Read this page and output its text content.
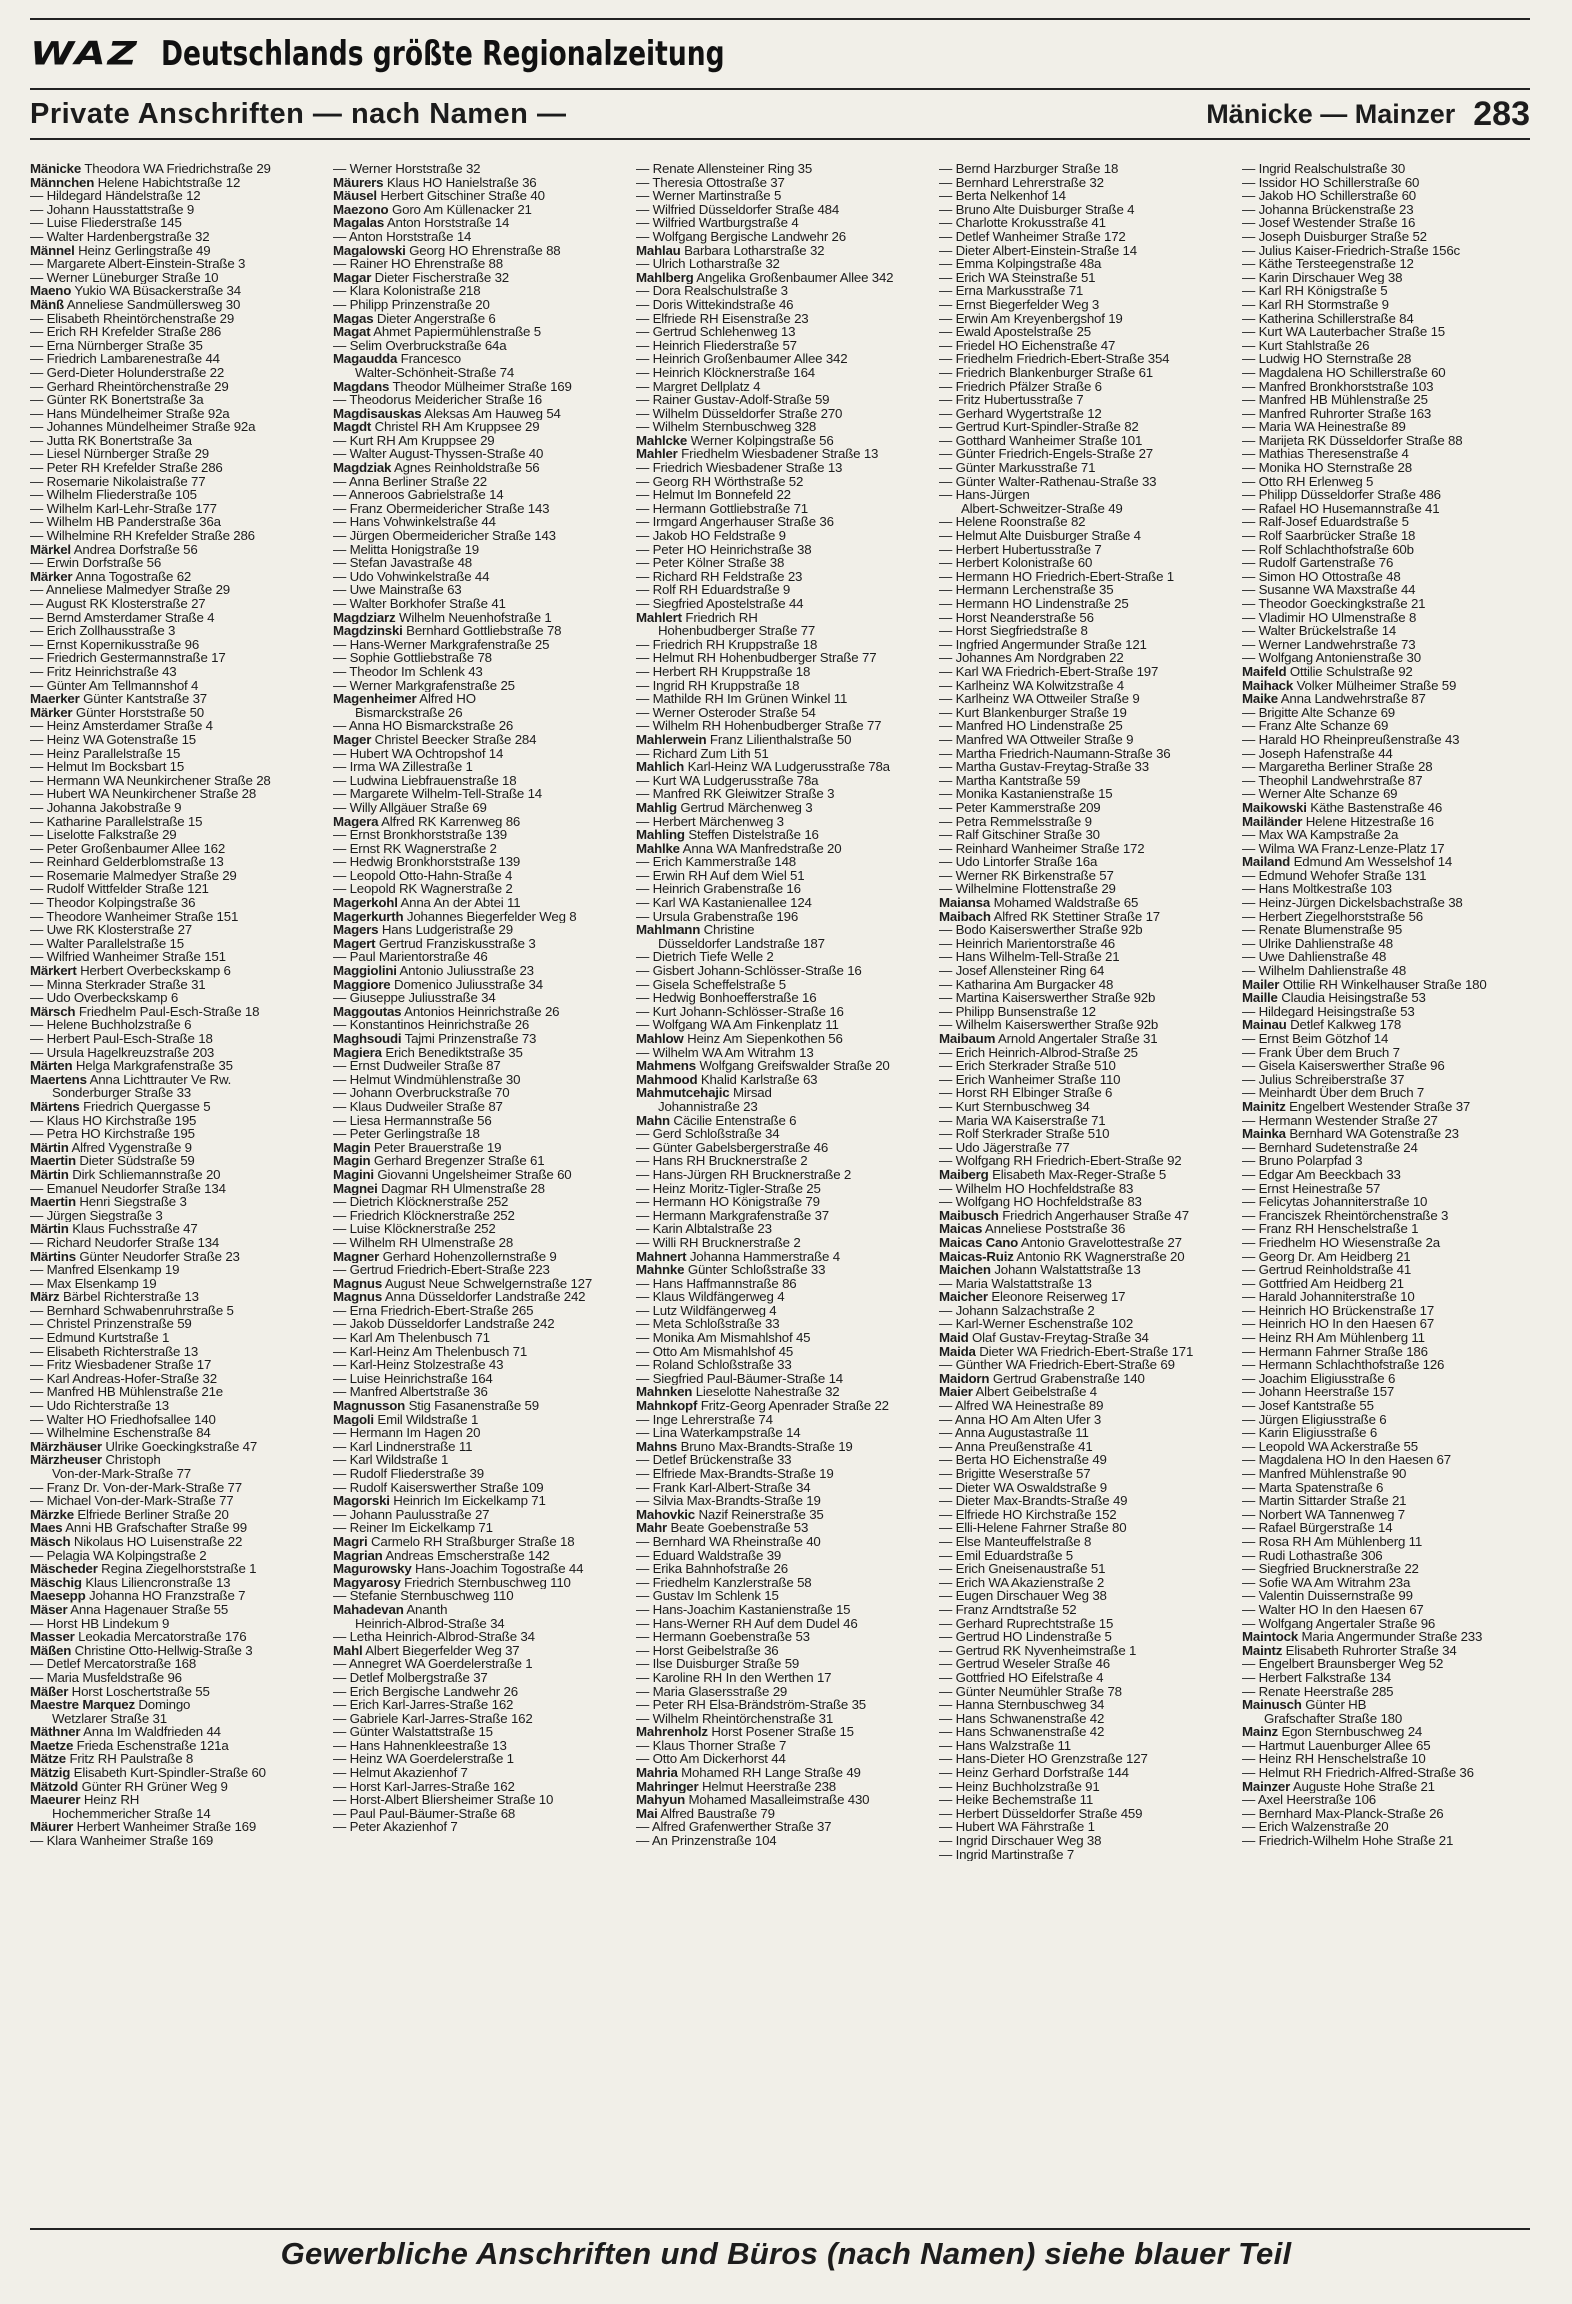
WAZ Deutschlands größte Regionalzeitung
Private Anschriften — nach Namen —	Mänicke — Mainzer 283
Mänicke Theodora WA Friedrichstraße 29
Männchen Helene Habichtstraße 12
— Hildegard Händelstraße 12
— Johann Hausstattstraße 9
— Luise Fliederstraße 145
— Walter Hardenbergstraße 32
Männel Heinz Gerlingstraße 49
— Margarete Albert-Einstein-Straße 3
— Werner Lüneburger Straße 10
Maeno Yukio WA Büsackerstraße 34
Mänß Anneliese Sandmüllersweg 30
— Elisabeth Rheintörchenstraße 29
— Erich RH Krefelder Straße 286
— Erna Nürnberger Straße 35
— Friedrich Lambarenestraße 44
— Gerd-Dieter Holunderstraße 22
— Gerhard Rheintörchenstraße 29
— Günter RK Bonertstraße 3a
— Hans Mündelheimer Straße 92a
— Johannes Mündelheimer Straße 92a
— Jutta RK Bonertstraße 3a
— Liesel Nürnberger Straße 29
— Peter RH Krefelder Straße 286
— Rosemarie Nikolaistraße 77
— Wilhelm Fliederstraße 105
— Wilhelm Karl-Lehr-Straße 177
— Wilhelm HB Panderstraße 36a
— Wilhelmine RH Krefelder Straße 286
Märkel Andrea Dorfstraße 56
— Erwin Dorfstraße 56
Märker Anna Togostraße 62
— Anneliese Malmedyer Straße 29
— August RK Klosterstraße 27
— Bernd Amsterdamer Straße 4
— Erich Zollhausstraße 3
— Ernst Kopernikusstraße 96
— Friedrich Gestermannstraße 17
— Fritz Heinrichstraße 43
— Günter Am Tellmannshof 4
Maerker Günter Kantstraße 37
Märker Günter Horststraße 50
— Heinz Amsterdamer Straße 4
— Heinz WA Gotenstraße 15
— Heinz Parallelstraße 15
— Helmut Im Bocksbart 15
— Hermann WA Neunkirchener Straße 28
— Hubert WA Neunkirchener Straße 28
— Johanna Jakobstraße 9
— Katharine Parallelstraße 15
— Liselotte Falkstraße 29
— Peter Großenbaumer Allee 162
— Reinhard Gelderblomstraße 13
— Rosemarie Malmedyer Straße 29
— Rudolf Wittfelder Straße 121
— Theodor Kolpingstraße 36
— Theodore Wanheimer Straße 151
— Uwe RK Klosterstraße 27
— Walter Parallelstraße 15
— Wilfried Wanheimer Straße 151
Märkert Herbert Overbeckskamp 6
— Minna Sterkrader Straße 31
— Udo Overbeckskamp 6
Märsch Friedhelm Paul-Esch-Straße 18
— Helene Buchholzstraße 6
— Herbert Paul-Esch-Straße 18
— Ursula Hagelkreuzstraße 203
Märten Helga Markgrafenstraße 35
Maertens Anna Lichttrauter Ve Rw.
Sonderburger Straße 33
Märtens Friedrich Quergasse 5
— Klaus HO Kirchstraße 195
— Petra HO Kirchstraße 195
Märtin Alfred Vygenstraße 9
Maertin Dieter Südstraße 59
Märtin Dirk Schliemannstraße 20
— Emanuel Neudorfer Straße 134
Maertin Henri Siegstraße 3
— Jürgen Siegstraße 3
Märtin Klaus Fuchsstraße 47
— Richard Neudorfer Straße 134
Märtins Günter Neudorfer Straße 23
— Manfred Elsenkamp 19
— Max Elsenkamp 19
März Bärbel Richterstraße 13
— Bernhard Schwabenruhrstraße 5
— Christel Prinzenstraße 59
— Edmund Kurtstraße 1
— Elisabeth Richterstraße 13
— Fritz Wiesbadener Straße 17
— Karl Andreas-Hofer-Straße 32
— Manfred HB Mühlenstraße 21e
— Udo Richterstraße 13
— Walter HO Friedhofsallee 140
— Wilhelmine Eschenstraße 84
Märzhäuser Ulrike Goeckingkstraße 47
Märzheuser Christoph
Von-der-Mark-Straße 77
— Franz Dr. Von-der-Mark-Straße 77
— Michael Von-der-Mark-Straße 77
Märzke Elfriede Berliner Straße 20
Maes Anni HB Grafschafter Straße 99
Mäsch Nikolaus HO Luisenstraße 22
— Pelagia WA Kolpingstraße 2
Mäscheder Regina Ziegelhorststraße 1
Mäschig Klaus Liliencronstraße 13
Maesepp Johanna HO Franzstraße 7
Mäser Anna Hagenauer Straße 55
— Horst HB Lindekum 9
Masser Leokadia Mercatorstraße 176
Mäßen Christine Otto-Hellwig-Straße 3
— Detlef Mercatorstraße 168
— Maria Musfeldstraße 96
Mäßer Horst Loschertstraße 55
Maestre Marquez Domingo
Wetzlarer Straße 31
Mäthner Anna Im Waldfrieden 44
Maetze Frieda Eschenstraße 121a
Mätze Fritz RH Paulstraße 8
Mätzig Elisabeth Kurt-Spindler-Straße 60
Mätzold Günter RH Grüner Weg 9
Maeurer Heinz RH
Hochemmericher Straße 14
Mäurer Herbert Wanheimer Straße 169
— Klara Wanheimer Straße 169
— Werner Horststraße 32
Mäurers Klaus HO Hanielstraße 36
Mäusel Herbert Gitschiner Straße 40
Maezono Goro Am Küllenacker 21
Magalas Anton Horststraße 14
— Anton Horststraße 14
Magalowski Georg HO Ehrenstraße 88
— Rainer HO Ehrenstraße 88
Magar Dieter Fischerstraße 32
— Klara Kolonistraße 218
— Philipp Prinzenstraße 20
Magas Dieter Angerstraße 6
Magat Ahmet Papiermühlenstraße 5
— Selim Overbruckstraße 64a
Magaudda Francesco
Walter-Schönheit-Straße 74
Magdans Theodor Mülheimer Straße 169
— Theodorus Meidericher Straße 16
Magdisauskas Aleksas Am Hauweg 54
Magdt Christel RH Am Kruppsee 29
— Kurt RH Am Kruppsee 29
— Walter August-Thyssen-Straße 40
Magdziak Agnes Reinholdstraße 56
— Anna Berliner Straße 22
— Anneroos Gabrielstraße 14
— Franz Obermeidericher Straße 143
— Hans Vohwinkelstraße 44
— Jürgen Obermeidericher Straße 143
— Melitta Honigstraße 19
— Stefan Javastraße 48
— Udo Vohwinkelstraße 44
— Uwe Mainstraße 63
— Walter Borkhofer Straße 41
Magdziarz Wilhelm Neuenhofstraße 1
Magdzinski Bernhard Gottliebstraße 78
— Hans-Werner Markgrafenstraße 25
— Sophie Gottliebstraße 78
— Theodor Im Schlenk 43
— Werner Markgrafenstraße 25
Magenheimer Alfred HO
Bismarckstraße 26
— Anna HO Bismarckstraße 26
Mager Christel Beecker Straße 284
— Hubert WA Ochtropshof 14
— Irma WA Zillestraße 1
— Ludwina Liebfrauenstraße 18
— Margarete Wilhelm-Tell-Straße 14
— Willy Allgäuer Straße 69
Magera Alfred RK Karrenweg 86
— Ernst Bronkhorststraße 139
— Ernst RK Wagnerstraße 2
— Hedwig Bronkhorststraße 139
— Leopold Otto-Hahn-Straße 4
— Leopold RK Wagnerstraße 2
Magerkohl Anna An der Abtei 11
Magerkurth Johannes Biegerfelder Weg 8
Magers Hans Ludgeristraße 29
Magert Gertrud Franziskusstraße 3
— Paul Marientorstraße 46
Maggiolini Antonio Juliusstraße 23
Maggiore Domenico Juliusstraße 34
— Giuseppe Juliusstraße 34
Maggoutas Antonios Heinrichstraße 26
— Konstantinos Heinrichstraße 26
Maghsoudi Tajmi Prinzenstraße 73
Magiera Erich Benediktstraße 35
— Ernst Dudweiler Straße 87
— Helmut Windmühlenstraße 30
— Johann Overbruckstraße 70
— Klaus Dudweiler Straße 87
— Liesa Hermannstraße 56
— Peter Gerlingstraße 18
Magin Peter Brauerstraße 19
Magin Gerhard Bregenzer Straße 61
Magini Giovanni Ungelsheimer Straße 60
Magnei Dagmar RH Ulmenstraße 28
— Dietrich Klöcknerstraße 252
— Friedrich Klöcknerstraße 252
— Luise Klöcknerstraße 252
— Wilhelm RH Ulmenstraße 28
Magner Gerhard Hohenzollernstraße 9
— Gertrud Friedrich-Ebert-Straße 223
Magnus August Neue Schwelgernstraße 127
Magnus Anna Düsseldorfer Landstraße 242
— Erna Friedrich-Ebert-Straße 265
— Jakob Düsseldorfer Landstraße 242
— Karl Am Thelenbusch 71
— Karl-Heinz Am Thelenbusch 71
— Karl-Heinz Stolzestraße 43
— Luise Heinrichstraße 164
— Manfred Albertstraße 36
Magnusson Stig Fasanenstraße 59
Magoli Emil Wildstraße 1
— Hermann Im Hagen 20
— Karl Lindnerstraße 11
— Karl Wildstraße 1
— Rudolf Fliederstraße 39
— Rudolf Kaiserswerther Straße 109
Magorski Heinrich Im Eickelkamp 71
— Johann Paulusstraße 27
— Reiner Im Eickelkamp 71
Magri Carmelo RH Straßburger Straße 18
Magrian Andreas Emscherstraße 142
Magurowsky Hans-Joachim Togostraße 44
Magyarosy Friedrich Sternbuschweg 110
— Stefanie Sternbuschweg 110
Mahadevan Ananth
Heinrich-Albrod-Straße 34
— Letha Heinrich-Albrod-Straße 34
Mahl Albert Biegerfelder Weg 37
— Annegret WA Goerdelerstraße 1
— Detlef Molbergstraße 37
— Erich Bergische Landwehr 26
— Erich Karl-Jarres-Straße 162
— Gabriele Karl-Jarres-Straße 162
— Günter Walstattstraße 15
— Hans Hahnenkleestraße 13
— Heinz WA Goerdelerstraße 1
— Helmut Akazienhof 7
— Horst Karl-Jarres-Straße 162
— Horst-Albert Bliersheimer Straße 10
— Paul Paul-Bäumer-Straße 68
— Peter Akazienhof 7
— Renate Allensteiner Ring 35
— Theresia Ottostraße 37
— Werner Martinstraße 5
— Wilfried Düsseldorfer Straße 484
— Wilfried Wartburgstraße 4
— Wolfgang Bergische Landwehr 26
Mahlau Barbara Lotharstraße 32
— Ulrich Lotharstraße 32
Mahlberg Angelika Großenbaumer Allee 342
— Dora Realschulstraße 3
— Doris Wittekindstraße 46
— Elfriede RH Eisenstraße 23
— Gertrud Schlehenweg 13
— Heinrich Fliederstraße 57
— Heinrich Großenbaumer Allee 342
— Heinrich Klöcknerstraße 164
— Margret Dellplatz 4
— Rainer Gustav-Adolf-Straße 59
— Wilhelm Düsseldorfer Straße 270
— Wilhelm Sternbuschweg 328
Mahlcke Werner Kolpingstraße 56
Mahler Friedhelm Wiesbadener Straße 13
— Friedrich Wiesbadener Straße 13
— Georg RH Wörthstraße 52
— Helmut Im Bonnefeld 22
— Hermann Gottliebstraße 71
— Irmgard Angerhauser Straße 36
— Jakob HO Feldstraße 9
— Peter HO Heinrichstraße 38
— Peter Kölner Straße 38
— Richard RH Feldstraße 23
— Rolf RH Eduardstraße 9
— Siegfried Apostelstraße 44
Mahlert Friedrich RH
Hohenbudberger Straße 77
— Friedrich RH Kruppstraße 18
— Helmut RH Hohenbudberger Straße 77
— Herbert RH Kruppstraße 18
— Ingrid RH Kruppstraße 18
— Mathilde RH Im Grünen Winkel 11
— Werner Osteroder Straße 54
— Wilhelm RH Hohenbudberger Straße 77
Mahlerwein Franz Lilienthalstraße 50
— Richard Zum Lith 51
Mahlich Karl-Heinz WA Ludgerusstraße 78a
— Kurt WA Ludgerusstraße 78a
— Manfred RK Gleiwitzer Straße 3
Mahlig Gertrud Märchenweg 3
— Herbert Märchenweg 3
Mahling Steffen Distelstraße 16
Mahlke Anna WA Manfredstraße 20
— Erich Kammerstraße 148
— Erwin RH Auf dem Wiel 51
— Heinrich Grabenstraße 16
— Karl WA Kastanienallee 124
— Ursula Grabenstraße 196
Mahlmann Christine
Düsseldorfer Landstraße 187
— Dietrich Tiefe Welle 2
— Gisbert Johann-Schlösser-Straße 16
— Gisela Scheffelstraße 5
— Hedwig Bonhoefferstraße 16
— Kurt Johann-Schlösser-Straße 16
— Wolfgang WA Am Finkenplatz 11
Mahlow Heinz Am Siepenkothen 56
— Wilhelm WA Am Witrahm 13
Mahmens Wolfgang Greifswalder Straße 20
Mahmood Khalid Karlstraße 63
Mahmutcehajic Mirsad
Johannistraße 23
Mahn Cäcilie Entenstraße 6
— Gerd Schloßstraße 34
— Günter Gabelsbergerstraße 46
— Hans RH Brucknerstraße 2
— Hans-Jürgen RH Brucknerstraße 2
— Heinz Moritz-Tigler-Straße 25
— Hermann HO Königstraße 79
— Hermann Markgrafenstraße 37
— Karin Albtalstraße 23
— Willi RH Brucknerstraße 2
Mahnert Johanna Hammerstraße 4
Mahnke Günter Schloßstraße 33
— Hans Haffmannstraße 86
— Klaus Wildfängerweg 4
— Lutz Wildfängerweg 4
— Meta Schloßstraße 33
— Monika Am Mismahlshof 45
— Otto Am Mismahlshof 45
— Roland Schloßstraße 33
— Siegfried Paul-Bäumer-Straße 14
Mahnken Lieselotte Nahestraße 32
Mahnkopf Fritz-Georg Apenrader Straße 22
— Inge Lehrerstraße 74
— Lina Waterkampstraße 14
Mahns Bruno Max-Brandts-Straße 19
— Detlef Brückenstraße 33
— Elfriede Max-Brandts-Straße 19
— Frank Karl-Albert-Straße 34
— Silvia Max-Brandts-Straße 19
Mahovkic Nazif Reinerstraße 35
Mahr Beate Goebenstraße 53
— Bernhard WA Rheinstraße 40
— Eduard Waldstraße 39
— Erika Bahnhofstraße 26
— Friedhelm Kanzlerstraße 58
— Gustav Im Schlenk 15
— Hans-Joachim Kastanienstraße 15
— Hans-Werner RH Auf dem Dudel 46
— Hermann Goebenstraße 53
— Horst Geibelstraße 36
— Ilse Duisburger Straße 59
— Karoline RH In den Werthen 17
— Maria Glasersstraße 29
— Peter RH Elsa-Brändström-Straße 35
— Wilhelm Rheintörchenstraße 31
Mahrenholz Horst Posener Straße 15
— Klaus Thorner Straße 7
— Otto Am Dickerhorst 44
Mahria Mohamed RH Lange Straße 49
Mahringer Helmut Heerstraße 238
Mahyun Mohamed Masalleimstraße 430
Mai Alfred Baustraße 79
— Alfred Grafenwerther Straße 37
— An Prinzenstraße 104
— Bernd Harzburger Straße 18
— Bernhard Lehrerstraße 32
— Berta Nelkenhof 14
— Bruno Alte Duisburger Straße 4
— Charlotte Krokusstraße 41
— Detlef Wanheimer Straße 172
— Dieter Albert-Einstein-Straße 14
— Emma Kolpingstraße 48a
— Erich WA Steinstraße 51
— Erna Markusstraße 71
— Ernst Biegerfelder Weg 3
— Erwin Am Kreyenbergshof 19
— Ewald Apostelstraße 25
— Friedel HO Eichenstraße 47
— Friedhelm Friedrich-Ebert-Straße 354
— Friedrich Blankenburger Straße 61
— Friedrich Pfälzer Straße 6
— Fritz Hubertusstraße 7
— Gerhard Wygertstraße 12
— Gertrud Kurt-Spindler-Straße 82
— Gotthard Wanheimer Straße 101
— Günter Friedrich-Engels-Straße 27
— Günter Markusstraße 71
— Günter Walter-Rathenau-Straße 33
— Hans-Jürgen
Albert-Schweitzer-Straße 49
— Helene Roonstraße 82
— Helmut Alte Duisburger Straße 4
— Herbert Hubertusstraße 7
— Herbert Kolonistraße 60
— Hermann HO Friedrich-Ebert-Straße 1
— Hermann Lerchenstraße 35
— Hermann HO Lindenstraße 25
— Horst Neanderstraße 56
— Horst Siegfriedstraße 8
— Ingfried Angermunder Straße 121
— Johannes Am Nordgraben 22
— Karl WA Friedrich-Ebert-Straße 197
— Karlheinz WA Kolwitzstraße 4
— Karlheinz WA Ottweiler Straße 9
— Kurt Blankenburger Straße 19
— Manfred HO Lindenstraße 25
— Manfred WA Ottweiler Straße 9
— Martha Friedrich-Naumann-Straße 36
— Martha Gustav-Freytag-Straße 33
— Martha Kantstraße 59
— Monika Kastanienstraße 15
— Peter Kammerstraße 209
— Petra Remmelsstraße 9
— Ralf Gitschiner Straße 30
— Reinhard Wanheimer Straße 172
— Udo Lintorfer Straße 16a
— Werner RK Birkenstraße 57
— Wilhelmine Flottenstraße 29
Maiansa Mohamed Waldstraße 65
Maibach Alfred RK Stettiner Straße 17
— Bodo Kaiserswerther Straße 92b
— Heinrich Marientorstraße 46
— Hans Wilhelm-Tell-Straße 21
— Josef Allensteiner Ring 64
— Katharina Am Burgacker 48
— Martina Kaiserswerther Straße 92b
— Philipp Bunsenstraße 12
— Wilhelm Kaiserswerther Straße 92b
Maibaum Arnold Angertaler Straße 31
— Erich Heinrich-Albrod-Straße 25
— Erich Sterkrader Straße 510
— Erich Wanheimer Straße 110
— Horst RH Elbinger Straße 6
— Kurt Sternbuschweg 34
— Maria WA Kaiserstraße 71
— Rolf Sterkrader Straße 510
— Udo Jägerstraße 77
— Wolfgang RH Friedrich-Ebert-Straße 92
Maiberg Elisabeth Max-Reger-Straße 5
— Wilhelm HO Hochfeldstraße 83
— Wolfgang HO Hochfeldstraße 83
Maibusch Friedrich Angerhauser Straße 47
Maicas Anneliese Poststraße 36
Maicas Cano Antonio Gravelottestraße 27
Maicas-Ruiz Antonio RK Wagnerstraße 20
Maichen Johann Walstattstraße 13
— Maria Walstattstraße 13
Maicher Eleonore Reiserweg 17
— Johann Salzachstraße 2
— Karl-Werner Eschenstraße 102
Maid Olaf Gustav-Freytag-Straße 34
Maida Dieter WA Friedrich-Ebert-Straße 171
— Günther WA Friedrich-Ebert-Straße 69
Maidorn Gertrud Grabenstraße 140
Maier Albert Geibelstraße 4
— Alfred WA Heinestraße 89
— Anna HO Am Alten Ufer 3
— Anna Augustastraße 11
— Anna Preußenstraße 41
— Berta HO Eichenstraße 49
— Brigitte Weserstraße 57
— Dieter WA Oswaldstraße 9
— Dieter Max-Brandts-Straße 49
— Elfriede HO Kirchstraße 152
— Elli-Helene Fahrner Straße 80
— Else Manteuffelstraße 8
— Emil Eduardstraße 5
— Erich Gneisenaustraße 51
— Erich WA Akazienstraße 2
— Eugen Dirschauer Weg 38
— Franz Arndtstraße 52
— Gerhard Ruprechtstraße 15
— Gertrud HO Lindenstraße 5
— Gertrud RK Nyvenheimstraße 1
— Gertrud Weseler Straße 46
— Gottfried HO Eifelstraße 4
— Günter Neumühler Straße 78
— Hanna Sternbuschweg 34
— Hans Schwanenstraße 42
— Hans Schwanenstraße 42
— Hans Walzstraße 11
— Hans-Dieter HO Grenzstraße 127
— Heinz Gerhard Dorfstraße 144
— Heinz Buchholzstraße 91
— Heike Bechemstraße 11
— Herbert Düsseldorfer Straße 459
— Hubert WA Fährstraße 1
— Ingrid Dirschauer Weg 38
— Ingrid Martinstraße 7
— Ingrid Realschulstraße 30
— Issidor HO Schillerstraße 60
— Jakob HO Schillerstraße 60
— Johanna Brückenstraße 23
— Josef Westender Straße 16
— Joseph Duisburger Straße 52
— Julius Kaiser-Friedrich-Straße 156c
— Käthe Tersteegenstraße 12
— Karin Dirschauer Weg 38
— Karl RH Königstraße 5
— Karl RH Stormstraße 9
— Katherina Schillerstraße 84
— Kurt WA Lauterbacher Straße 15
— Kurt Stahlstraße 26
— Ludwig HO Sternstraße 28
— Magdalena HO Schillerstraße 60
— Manfred Bronkhorststraße 103
— Manfred HB Mühlenstraße 25
— Manfred Ruhrorter Straße 163
— Maria WA Heinestraße 89
— Marijeta RK Düsseldorfer Straße 88
— Mathias Theresenstraße 4
— Monika HO Sternstraße 28
— Otto RH Erlenweg 5
— Philipp Düsseldorfer Straße 486
— Rafael HO Husemannstraße 41
— Ralf-Josef Eduardstraße 5
— Rolf Saarbrücker Straße 18
— Rolf Schlachthofstraße 60b
— Rudolf Gartenstraße 76
— Simon HO Ottostraße 48
— Susanne WA Maxstraße 44
— Theodor Goeckingkstraße 21
— Vladimir HO Ulmenstraße 8
— Walter Brückelstraße 14
— Werner Landwehrstraße 73
— Wolfgang Antonienstraße 30
Maifeld Ottilie Schulstraße 92
Maihack Volker Mülheimer Straße 59
Maike Anna Landwehrstraße 87
— Brigitte Alte Schanze 69
— Franz Alte Schanze 69
— Harald HO Rheinpreußenstraße 43
— Joseph Hafenstraße 44
— Margaretha Berliner Straße 28
— Theophil Landwehrstraße 87
— Werner Alte Schanze 69
Maikowski Käthe Bastenstraße 46
Mailänder Helene Hitzestraße 16
— Max WA Kampstraße 2a
— Wilma WA Franz-Lenze-Platz 17
Mailand Edmund Am Wesselshof 14
— Edmund Wehofer Straße 131
— Hans Moltkestraße 103
— Heinz-Jürgen Dickelsbachstraße 38
— Herbert Ziegelhorststraße 56
— Renate Blumenstraße 95
— Ulrike Dahlienstraße 48
— Uwe Dahlienstraße 48
— Wilhelm Dahlienstraße 48
Mailer Ottilie RH Winkelhauser Straße 180
Maille Claudia Heisingstraße 53
— Hildegard Heisingstraße 53
Mainau Detlef Kalkweg 178
— Ernst Beim Götzhof 14
— Frank Über dem Bruch 7
— Gisela Kaiserswerther Straße 96
— Julius Schreiberstraße 37
— Meinhardt Über dem Bruch 7
Mainitz Engelbert Westender Straße 37
— Hermann Westender Straße 27
Mainka Bernhard WA Gotenstraße 23
— Bernhard Sudetenstraße 24
— Bruno Polarpfad 3
— Edgar Am Beeckbach 33
— Ernst Heinestraße 57
— Felicytas Johanniterstraße 10
— Franciszek Rheintörchenstraße 3
— Franz RH Henschelstraße 1
— Friedhelm HO Wiesenstraße 2a
— Georg Dr. Am Heidberg 21
— Gertrud Reinholdstraße 41
— Gottfried Am Heidberg 21
— Harald Johanniterstraße 10
— Heinrich HO Brückenstraße 17
— Heinrich HO In den Haesen 67
— Heinz RH Am Mühlenberg 11
— Hermann Fahrner Straße 186
— Hermann Schlachthofstraße 126
— Joachim Eligiusstraße 6
— Johann Heerstraße 157
— Josef Kantstraße 55
— Jürgen Eligiusstraße 6
— Karin Eligiusstraße 6
— Leopold WA Ackerstraße 55
— Magdalena HO In den Haesen 67
— Manfred Mühlenstraße 90
— Marta Spatenstraße 6
— Martin Sittarder Straße 21
— Norbert WA Tannenweg 7
— Rafael Bürgerstraße 14
— Rosa RH Am Mühlenberg 11
— Rudi Lothastraße 306
— Siegfried Brucknerstraße 22
— Sofie WA Am Witrahm 23a
— Valentin Duissernstraße 99
— Walter HO In den Haesen 67
— Wolfgang Angertaler Straße 96
Maintock Maria Angermunder Straße 233
Maintz Elisabeth Ruhrorter Straße 34
— Engelbert Braunsberger Weg 52
— Herbert Falkstraße 134
— Renate Heerstraße 285
Mainusch Günter HB
Grafschafter Straße 180
Mainz Egon Sternbuschweg 24
— Hartmut Lauenburger Allee 65
— Heinz RH Henschelstraße 10
— Helmut RH Friedrich-Alfred-Straße 36
Mainzer Auguste Hohe Straße 21
— Axel Heerstraße 106
— Bernhard Max-Planck-Straße 26
— Erich Walzenstraße 20
— Friedrich-Wilhelm Hohe Straße 21
Gewerbliche Anschriften und Büros (nach Namen) siehe blauer Teil
